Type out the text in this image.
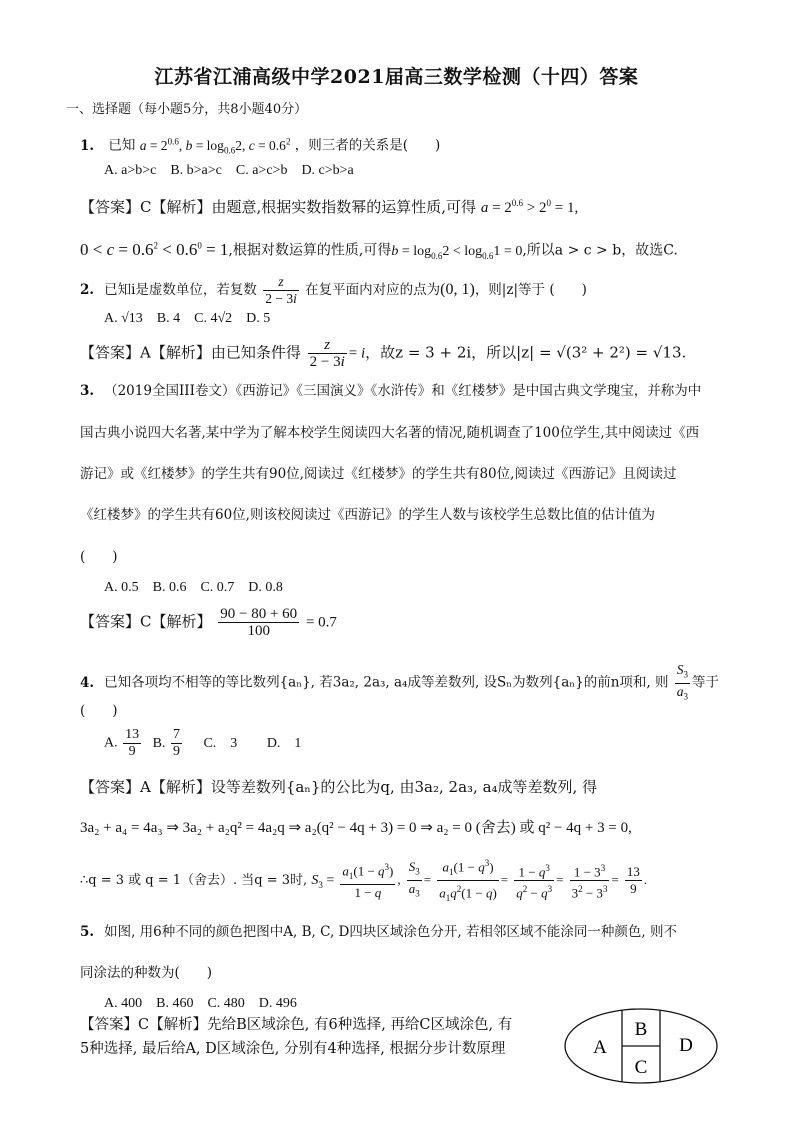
江苏省江浦高级中学2021届高三数学检测（十四）答案
一、选择题（每小题5分，共8小题40分）
1. 已知 $a = 2^{0.6}$, $b = \log_{0.6}2$, $c = 0.6^2$ ，则三者的关系是(　　)
A. a>b>c　B. b>a>c　C. a>c>b　D. c>b>a
【答案】C【解析】由题意,根据实数指数幂的运算性质,可得 $a = 2^{0.6} > 2^0 = 1$,
$0 < c = 0.6^2 < 0.6^0 = 1$,根据对数运算的性质,可得$b = \log_{0.6}2 < \log_{0.6}1 = 0$,所以a > c > b，故选C.
2. 已知i是虚数单位，若复数 $\frac{z}{2 - 3i}$ 在复平面内对应的点为(0, 1)，则|z|等于 (　　)
A. √13　B. 4　C. 4√2　D. 5
【答案】A【解析】由已知条件得 $\frac{z}{2 - 3i} = i$，故z = 3 + 2i，所以|z| = √(3² + 2²) = √13.
3. （2019全国III卷文）《西游记》《三国演义》《水浒传》和《红楼梦》是中国古典文学瑰宝，并称为中
国古典小说四大名著,某中学为了解本校学生阅读四大名著的情况,随机调查了100位学生,其中阅读过《西
游记》或《红楼梦》的学生共有90位,阅读过《红楼梦》的学生共有80位,阅读过《西游记》且阅读过
《红楼梦》的学生共有60位,则该校阅读过《西游记》的学生人数与该校学生总数比值的估计值为
(　　)
A. 0.5　B. 0.6　C. 0.7　D. 0.8
【答案】C【解析】 $\frac{90 - 80 + 60}{100} = 0.7$
4. 已知各项均不相等的等比数列{aₙ}, 若3a₂, 2a₃, a₄成等差数列, 设Sₙ为数列{aₙ}的前n项和, 则 $\frac{S_3}{a_3}$ 等于
(　　)
A. $\frac{13}{9} B$. $\frac{7}{9} C$.　3 D.　1
【答案】A【解析】设等差数列{aₙ}的公比为q, 由3a₂, 2a₃, a₄成等差数列, 得
3a₂ + a₄ = 4a₃ ⇒ 3a₂ + a₂q² = 4a₂q ⇒ a₂(q² − 4q + 3) = 0 ⇒ a₂ = 0 (舍去) 或 q² − 4q + 3 = 0,
∴q = 3 或 q = 1（舍去）. 当q = 3时, $S_3 = \frac{a_1(1 - q^3)}{1 - q}$ , $\frac{S_3}{a_3} = \frac{a_1(1 - q^3)}{a_1q^2(1 - q)} = \frac{1 - q^3}{q^2 - q^3} = \frac{1 - 3^3}{3^2 - 3^3} = \frac{13}{9}$ .
5. 如图, 用6种不同的颜色把图中A, B, C, D四块区域涂色分开, 若相邻区域不能涂同一种颜色, 则不
同涂法的种数为(　　)
A. 400　B. 460　C. 480　D. 496
【答案】C【解析】先给B区域涂色, 有6种选择, 再给C区域涂色, 有
5种选择, 最后给A, D区域涂色, 分别有4种选择, 根据分步计数原理	A
B
C
D
